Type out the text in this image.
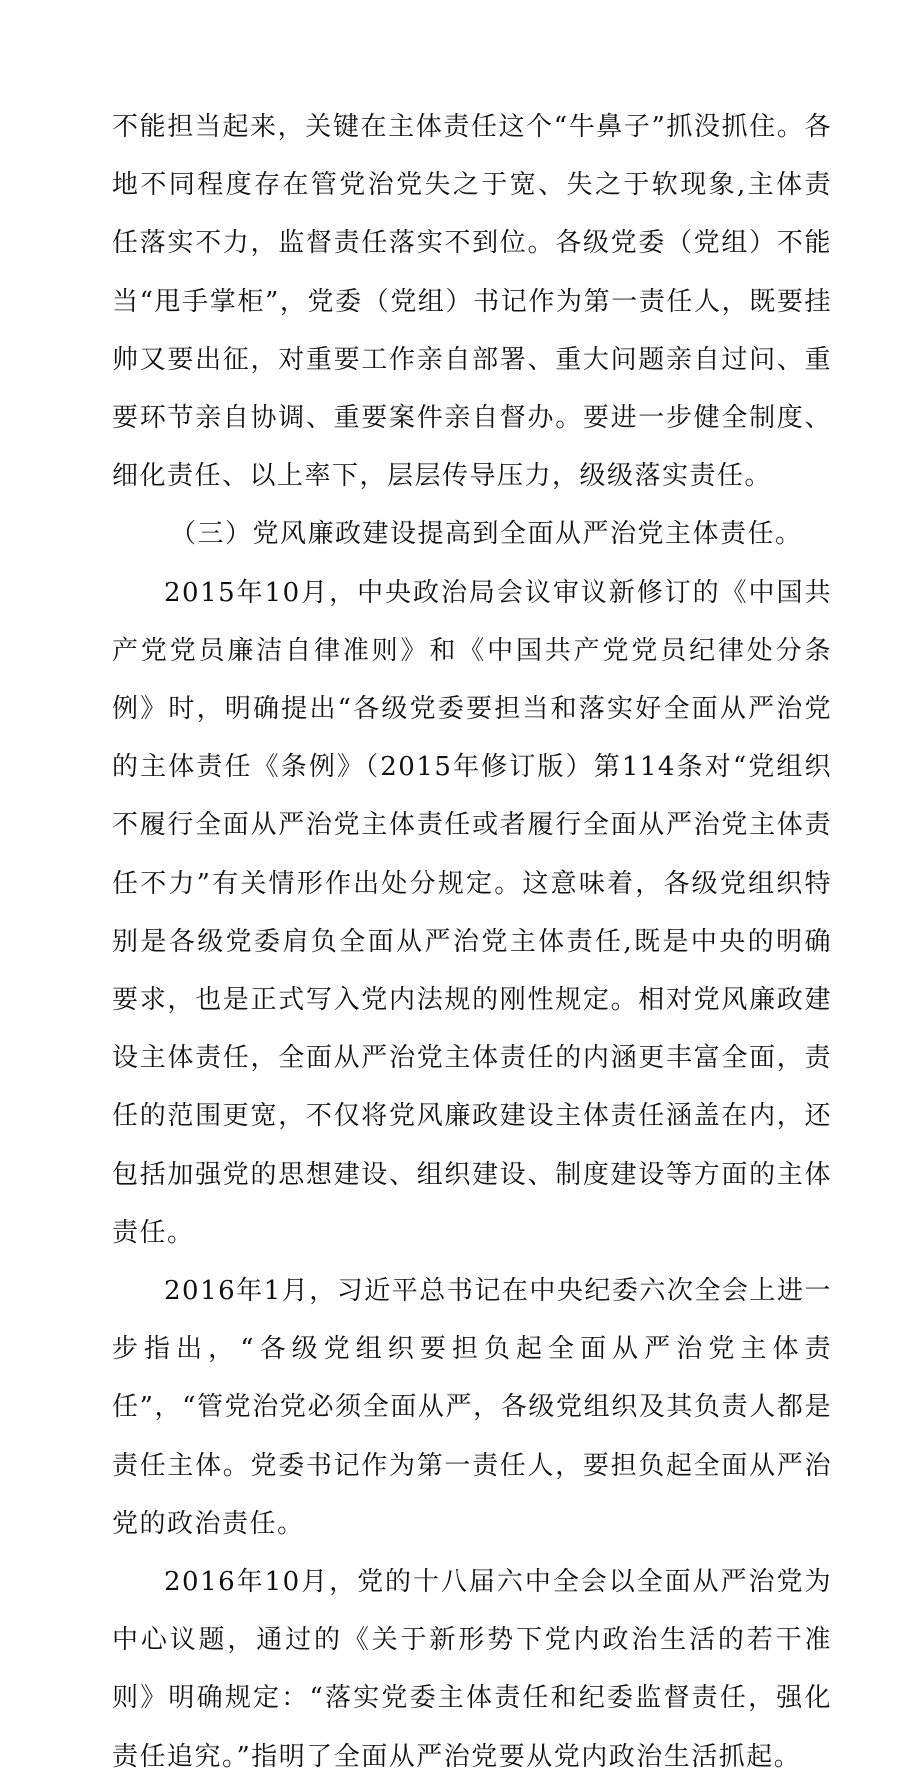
不能担当起来，关键在主体责任这个“牛鼻子”抓没抓住。各地不同程度存在管党治党失之于宽、失之于软现象,主体责任落实不力，监督责任落实不到位。各级党委（党组）不能当“甩手掌柜”，党委（党组）书记作为第一责任人，既要挂帅又要出征，对重要工作亲自部署、重大问题亲自过问、重要环节亲自协调、重要案件亲自督办。要进一步健全制度、细化责任、以上率下，层层传导压力，级级落实责任。

（三）党风廉政建设提高到全面从严治党主体责任。

2015年10月，中央政治局会议审议新修订的《中国共产党党员廉洁自律准则》和《中国共产党党员纪律处分条例》时，明确提出“各级党委要担当和落实好全面从严治党的主体责任《条例》（2015年修订版）第114条对“党组织不履行全面从严治党主体责任或者履行全面从严治党主体责任不力”有关情形作出处分规定。这意味着，各级党组织特别是各级党委肩负全面从严治党主体责任,既是中央的明确要求，也是正式写入党内法规的刚性规定。相对党风廉政建设主体责任，全面从严治党主体责任的内涵更丰富全面，责任的范围更宽，不仅将党风廉政建设主体责任涵盖在内，还包括加强党的思想建设、组织建设、制度建设等方面的主体责任。

2016年1月，习近平总书记在中央纪委六次全会上进一步指出，“各级党组织要担负起全面从严治党主体责任”，“管党治党必须全面从严，各级党组织及其负责人都是责任主体。党委书记作为第一责任人，要担负起全面从严治党的政治责任。

2016年10月，党的十八届六中全会以全面从严治党为中心议题，通过的《关于新形势下党内政治生活的若干准则》明确规定：“落实党委主体责任和纪委监督责任，强化责任追究。”指明了全面从严治党要从党内政治生活抓起。
